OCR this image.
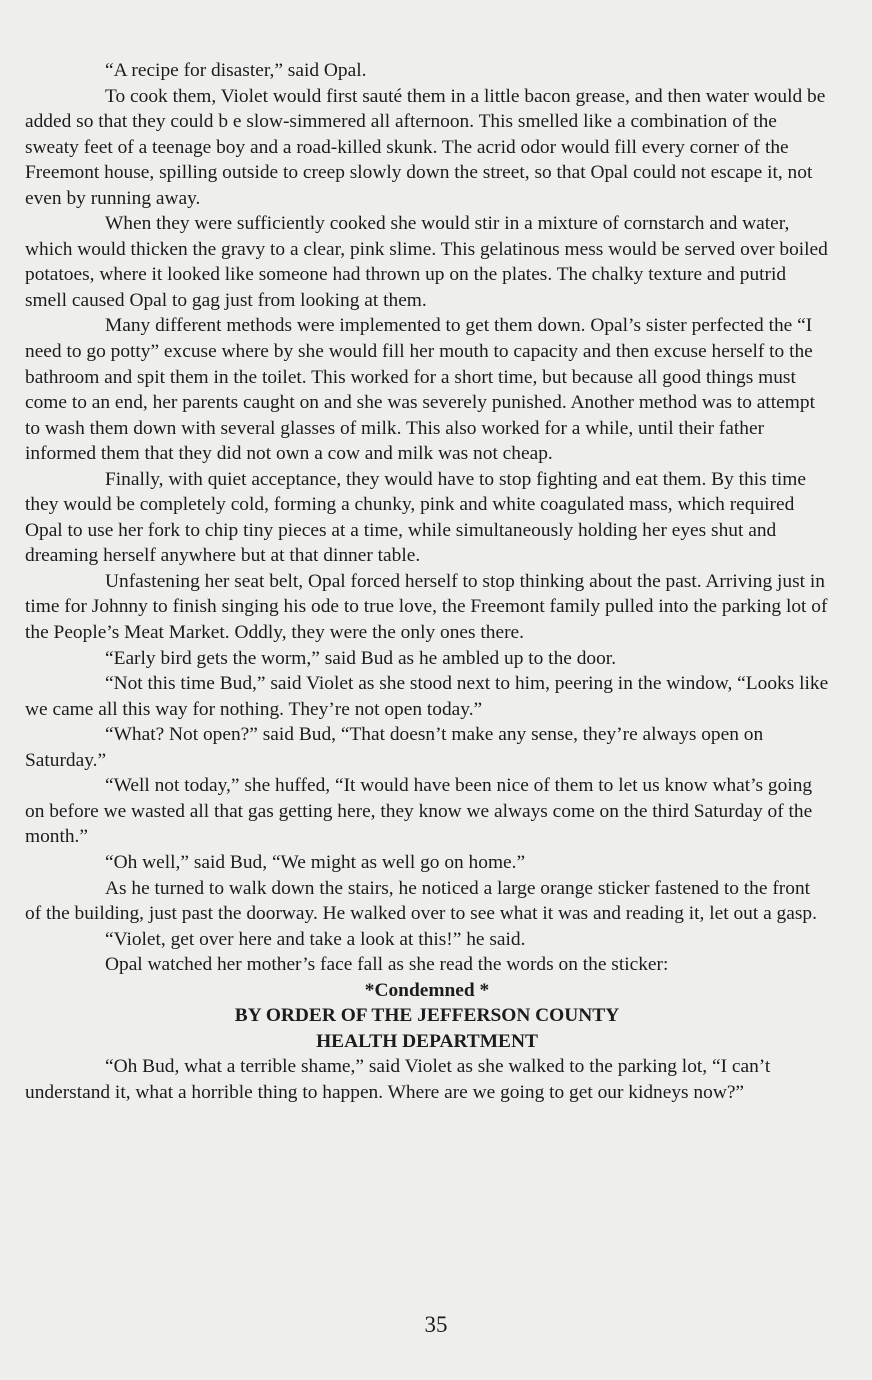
“A recipe for disaster,” said Opal.

To cook them, Violet would first sauté them in a little bacon grease, and then water would be added so that they could b e slow-simmered all afternoon. This smelled like a combination of the sweaty feet of a teenage boy and a road-killed skunk. The acrid odor would fill every corner of the Freemont house, spilling outside to creep slowly down the street, so that Opal could not escape it, not even by running away.

When they were sufficiently cooked she would stir in a mixture of cornstarch and water, which would thicken the gravy to a clear, pink slime. This gelatinous mess would be served over boiled potatoes, where it looked like someone had thrown up on the plates. The chalky texture and putrid smell caused Opal to gag just from looking at them.

Many different methods were implemented to get them down. Opal’s sister perfected the “I need to go potty” excuse where by she would fill her mouth to capacity and then excuse herself to the bathroom and spit them in the toilet. This worked for a short time, but because all good things must come to an end, her parents caught on and she was severely punished. Another method was to attempt to wash them down with several glasses of milk. This also worked for a while, until their father informed them that they did not own a cow and milk was not cheap.

Finally, with quiet acceptance, they would have to stop fighting and eat them. By this time they would be completely cold, forming a chunky, pink and white coagulated mass, which required Opal to use her fork to chip tiny pieces at a time, while simultaneously holding her eyes shut and dreaming herself anywhere but at that dinner table.

Unfastening her seat belt, Opal forced herself to stop thinking about the past. Arriving just in time for Johnny to finish singing his ode to true love, the Freemont family pulled into the parking lot of the People’s Meat Market. Oddly, they were the only ones there.

“Early bird gets the worm,” said Bud as he ambled up to the door.

“Not this time Bud,” said Violet as she stood next to him, peering in the window, “Looks like we came all this way for nothing. They’re not open today.”

“What? Not open?” said Bud, “That doesn’t make any sense, they’re always open on Saturday.”

“Well not today,” she huffed, “It would have been nice of them to let us know what’s going on before we wasted all that gas getting here, they know we always come on the third Saturday of the month.”

“Oh well,” said Bud, “We might as well go on home.”

As he turned to walk down the stairs, he noticed a large orange sticker fastened to the front of the building, just past the doorway. He walked over to see what it was and reading it, let out a gasp.

“Violet, get over here and take a look at this!” he said.

Opal watched her mother’s face fall as she read the words on the sticker:

*Condemned *

BY ORDER OF THE JEFFERSON COUNTY

HEALTH DEPARTMENT

“Oh Bud, what a terrible shame,” said Violet as she walked to the parking lot, “I can’t understand it, what a horrible thing to happen. Where are we going to get our kidneys now?”

35
